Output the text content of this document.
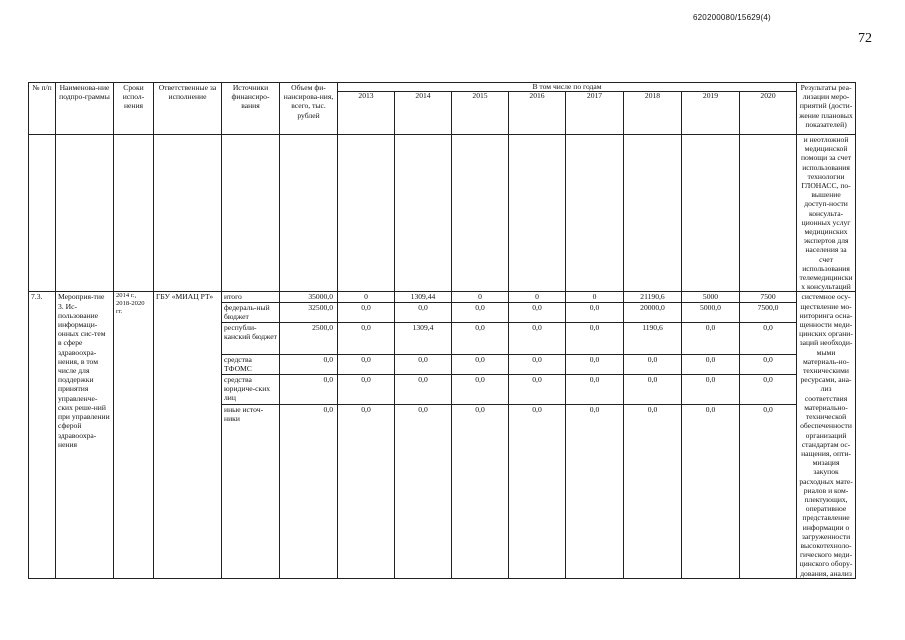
620200080/15629(4)
72
№ п/п	Наименова-ние подпро-граммы	Сроки испол-нения	Ответственные за исполнение	Источники финансиро-вания	Объем фи-нансирова-ния, всего, тыс. рублей	В том числе по годам								Результаты реа-лизации меро-приятий (дости-жение плановых показателей)
						2013	2014	2015	2016	2017	2018	2019	2020	
														и неотложной медицинской помощи за счет использования технологии ГЛОНАСС, по-вышение доступ-ности консульта-ционных услуг медицинских экспертов для населения за счет использования телемедицинских консультаций
7.3.	Мероприя-тие 3. Ис-пользование информаци-онных сис-тем в сфере здравоохра-нения, в том числе для поддержки принятия управленче-ских реше-ний при управлении сферой здравоохра-нения	2014 г., 2018-2020 гг.	ГБУ «МИАЦ РТ»	итого	35000,0	0	1309,44	0	0	0	21190,6	5000	7500	системное осу-ществление мо-ниторинга осна-щенности меди-цинских органи-заций необходи-мыми материаль-но-техническими ресурсами, ана-лиз соответствия материально-технической обеспеченности организаций стандартам ос-нащения, опти-мизация закупок расходных мате-риалов и ком-плектующих, оперативное представление информации о загруженности высокотехноло-гического меди-цинского обору-дования, анализ
				федераль-ный бюджет	32500,0	0,0	0,0	0,0	0,0	0,0	20000,0	5000,0	7500,0	
				республи-канский бюджет	2500,0	0,0	1309,4	0,0	0,0	0,0	1190,6	0,0	0,0	
				средства ТФОМС	0,0	0,0	0,0	0,0	0,0	0,0	0,0	0,0	0,0	
				средства юридиче-ских лиц	0,0	0,0	0,0	0,0	0,0	0,0	0,0	0,0	0,0	
				иные источ-ники	0,0	0,0	0,0	0,0	0,0	0,0	0,0	0,0	0,0	
